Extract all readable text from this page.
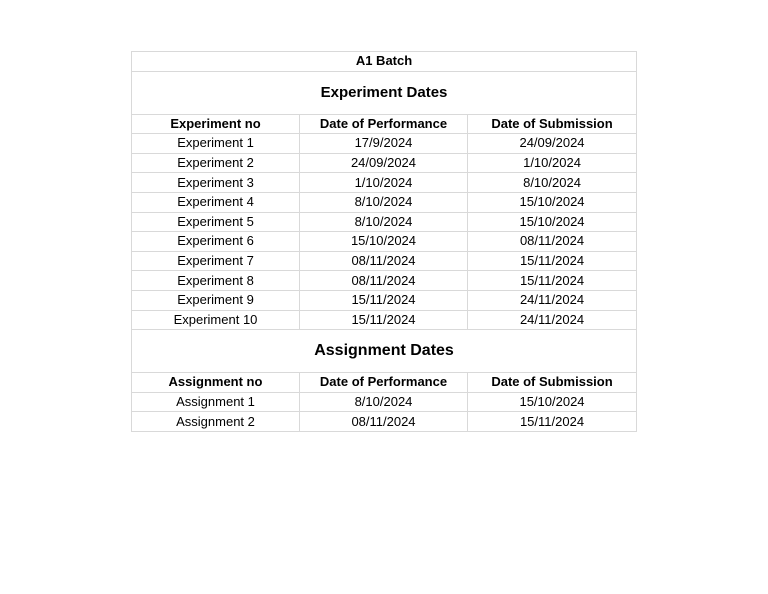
A1 Batch		
Experiment Dates		
Experiment no	Date of Performance	Date of Submission
Experiment 1	17/9/2024	24/09/2024
Experiment 2	24/09/2024	1/10/2024
Experiment 3	1/10/2024	8/10/2024
Experiment 4	8/10/2024	15/10/2024
Experiment 5	8/10/2024	15/10/2024
Experiment 6	15/10/2024	08/11/2024
Experiment 7	08/11/2024	15/11/2024
Experiment 8	08/11/2024	15/11/2024
Experiment 9	15/11/2024	24/11/2024
Experiment 10	15/11/2024	24/11/2024
Assignment Dates		
Assignment no	Date of Performance	Date of Submission
Assignment 1	8/10/2024	15/10/2024
Assignment 2	08/11/2024	15/11/2024
